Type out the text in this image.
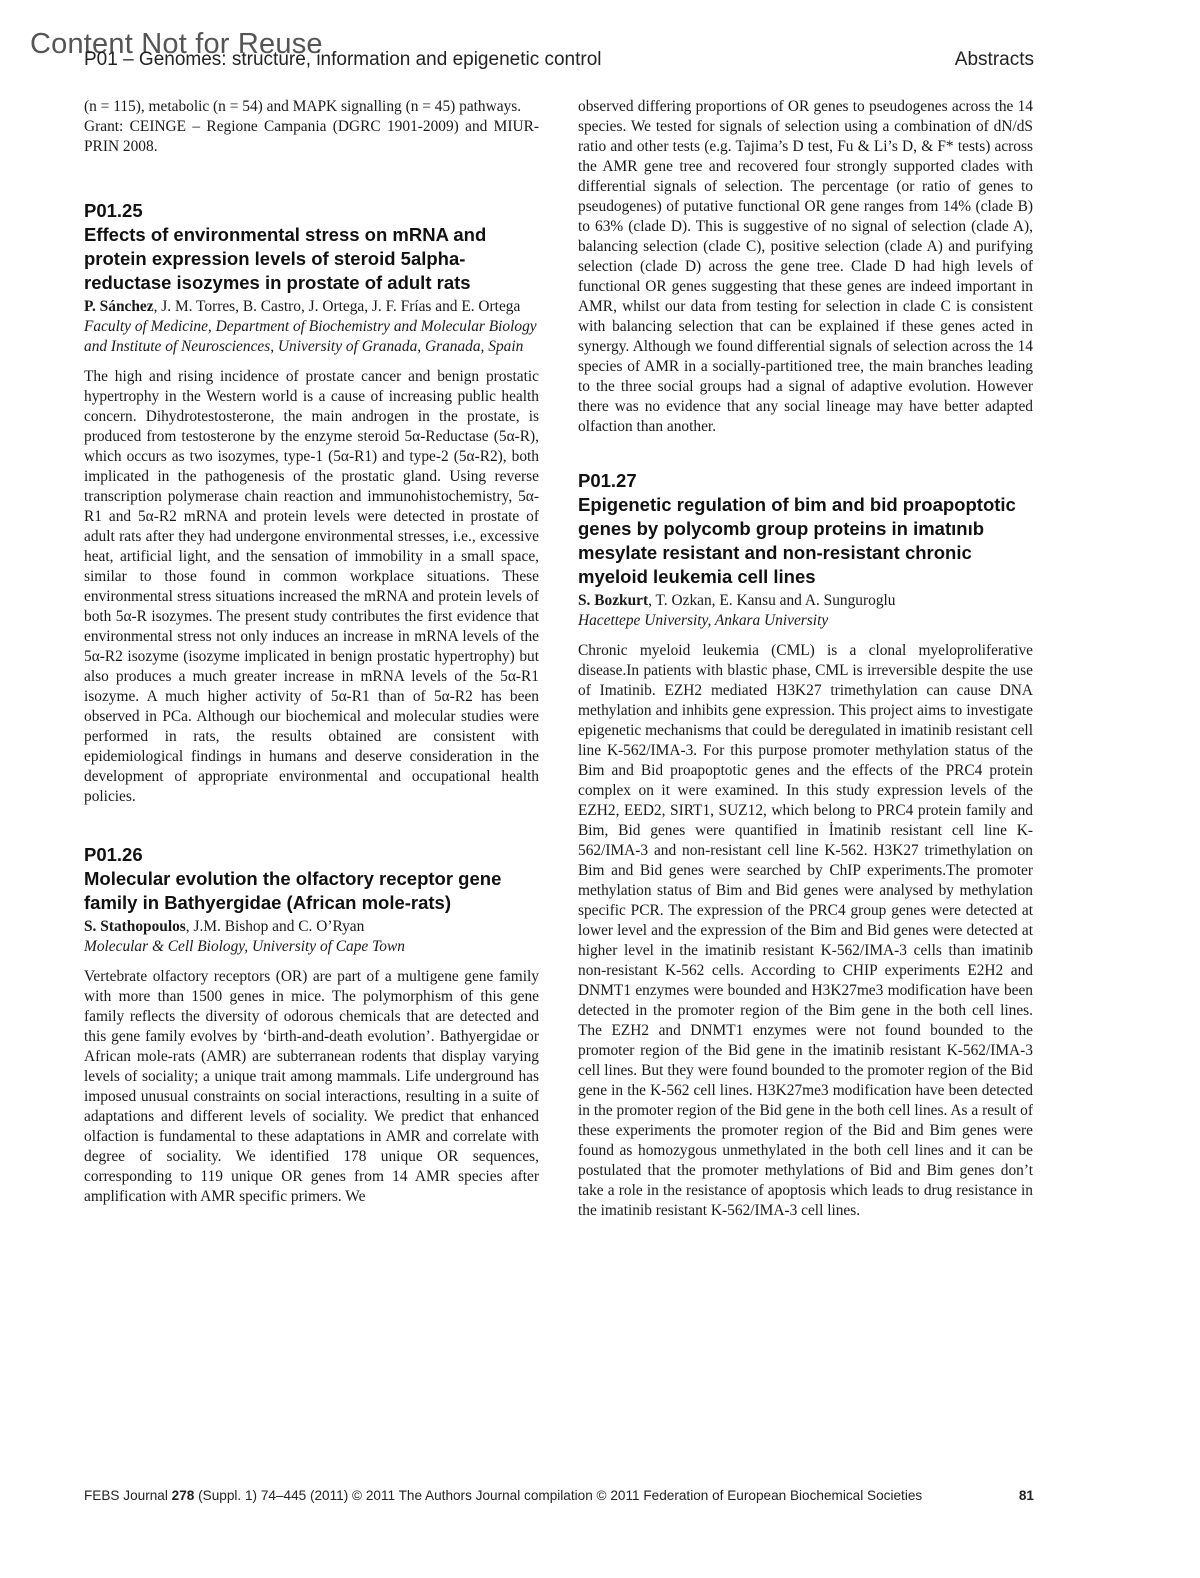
Content Not for Reuse
P01 – Genomes: structure, information and epigenetic control	Abstracts

(n = 115), metabolic (n = 54) and MAPK signalling (n = 45) pathways.

Grant: CEINGE – Regione Campania (DGRC 1901-2009) and MIUR-PRIN 2008.

P01.25
Effects of environmental stress on mRNA and protein expression levels of steroid 5alpha-reductase isozymes in prostate of adult rats
P. Sánchez, J. M. Torres, B. Castro, J. Ortega, J. F. Frías and E. Ortega
Faculty of Medicine, Department of Biochemistry and Molecular Biology and Institute of Neurosciences, University of Granada, Granada, Spain

The high and rising incidence of prostate cancer and benign prostatic hypertrophy in the Western world is a cause of increasing public health concern. Dihydrotestosterone, the main androgen in the prostate, is produced from testosterone by the enzyme steroid 5α-Reductase (5α-R), which occurs as two isozymes, type-1 (5α-R1) and type-2 (5α-R2), both implicated in the pathogenesis of the prostatic gland. Using reverse transcription polymerase chain reaction and immunohistochemistry, 5α-R1 and 5α-R2 mRNA and protein levels were detected in prostate of adult rats after they had undergone environmental stresses, i.e., excessive heat, artificial light, and the sensation of immobility in a small space, similar to those found in common workplace situations. These environmental stress situations increased the mRNA and protein levels of both 5α-R isozymes. The present study contributes the first evidence that environmental stress not only induces an increase in mRNA levels of the 5α-R2 isozyme (isozyme implicated in benign prostatic hypertrophy) but also produces a much greater increase in mRNA levels of the 5α-R1 isozyme. A much higher activity of 5α-R1 than of 5α-R2 has been observed in PCa. Although our biochemical and molecular studies were performed in rats, the results obtained are consistent with epidemiological findings in humans and deserve consideration in the development of appropriate environmental and occupational health policies.

P01.26
Molecular evolution the olfactory receptor gene family in Bathyergidae (African mole-rats)
S. Stathopoulos, J.M. Bishop and C. O’Ryan
Molecular & Cell Biology, University of Cape Town

Vertebrate olfactory receptors (OR) are part of a multigene gene family with more than 1500 genes in mice. The polymorphism of this gene family reflects the diversity of odorous chemicals that are detected and this gene family evolves by ‘birth-and-death evolution’. Bathyergidae or African mole-rats (AMR) are subterranean rodents that display varying levels of sociality; a unique trait among mammals. Life underground has imposed unusual constraints on social interactions, resulting in a suite of adaptations and different levels of sociality. We predict that enhanced olfaction is fundamental to these adaptations in AMR and correlate with degree of sociality. We identified 178 unique OR sequences, corresponding to 119 unique OR genes from 14 AMR species after amplification with AMR specific primers. We

observed differing proportions of OR genes to pseudogenes across the 14 species. We tested for signals of selection using a combination of dN/dS ratio and other tests (e.g. Tajima’s D test, Fu & Li’s D, & F* tests) across the AMR gene tree and recovered four strongly supported clades with differential signals of selection. The percentage (or ratio of genes to pseudogenes) of putative functional OR gene ranges from 14% (clade B) to 63% (clade D). This is suggestive of no signal of selection (clade A), balancing selection (clade C), positive selection (clade A) and purifying selection (clade D) across the gene tree. Clade D had high levels of functional OR genes suggesting that these genes are indeed important in AMR, whilst our data from testing for selection in clade C is consistent with balancing selection that can be explained if these genes acted in synergy. Although we found differential signals of selection across the 14 species of AMR in a socially-partitioned tree, the main branches leading to the three social groups had a signal of adaptive evolution. However there was no evidence that any social lineage may have better adapted olfaction than another.

P01.27
Epigenetic regulation of bim and bid proapoptotic genes by polycomb group proteins in imatınıb mesylate resistant and non-resistant chronic myeloid leukemia cell lines
S. Bozkurt, T. Ozkan, E. Kansu and A. Sunguroglu
Hacettepe University, Ankara University

Chronic myeloid leukemia (CML) is a clonal myeloproliferative disease.In patients with blastic phase, CML is irreversible despite the use of Imatinib. EZH2 mediated H3K27 trimethylation can cause DNA methylation and inhibits gene expression. This project aims to investigate epigenetic mechanisms that could be deregulated in imatinib resistant cell line K-562/IMA-3. For this purpose promoter methylation status of the Bim and Bid proapoptotic genes and the effects of the PRC4 protein complex on it were examined. In this study expression levels of the EZH2, EED2, SIRT1, SUZ12, which belong to PRC4 protein family and Bim, Bid genes were quantified in İmatinib resistant cell line K-562/IMA-3 and non-resistant cell line K-562. H3K27 trimethylation on Bim and Bid genes were searched by ChIP experiments.The promoter methylation status of Bim and Bid genes were analysed by methylation specific PCR. The expression of the PRC4 group genes were detected at lower level and the expression of the Bim and Bid genes were detected at higher level in the imatinib resistant K-562/IMA-3 cells than imatinib non-resistant K-562 cells. According to CHIP experiments E2H2 and DNMT1 enzymes were bounded and H3K27me3 modification have been detected in the promoter region of the Bim gene in the both cell lines. The EZH2 and DNMT1 enzymes were not found bounded to the promoter region of the Bid gene in the imatinib resistant K-562/IMA-3 cell lines. But they were found bounded to the promoter region of the Bid gene in the K-562 cell lines. H3K27me3 modification have been detected in the promoter region of the Bid gene in the both cell lines. As a result of these experiments the promoter region of the Bid and Bim genes were found as homozygous unmethylated in the both cell lines and it can be postulated that the promoter methylations of Bid and Bim genes don’t take a role in the resistance of apoptosis which leads to drug resistance in the imatinib resistant K-562/IMA-3 cell lines.

FEBS Journal 278 (Suppl. 1) 74–445 (2011) © 2011 The Authors Journal compilation © 2011 Federation of European Biochemical Societies	81
